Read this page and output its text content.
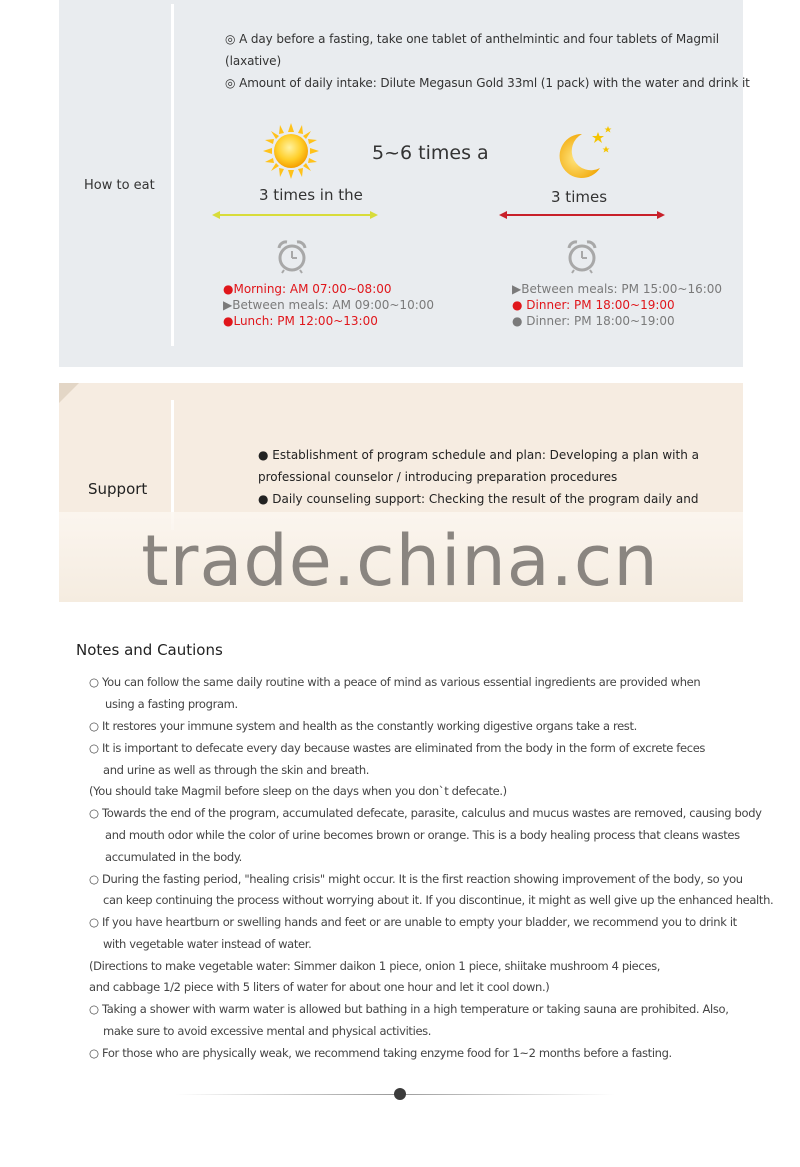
How to eat
◎ A day before a fasting, take one tablet of anthelmintic and four tablets of Magmil
(laxative)
◎ Amount of daily intake: Dilute Megasun Gold 33ml (1 pack) with the water and drink it
5~6 times a
3 times in the	3 times
●Morning: AM 07:00~08:00
▶Between meals: AM 09:00~10:00
●Lunch: PM 12:00~13:00
▶Between meals: PM 15:00~16:00
● Dinner: PM 18:00~19:00
● Dinner: PM 18:00~19:00
Support
● Establishment of program schedule and plan: Developing a plan with a
professional counselor / introducing preparation procedures
● Daily counseling support: Checking the result of the program daily and
trade.china.cn
Notes and Cautions
○ You can follow the same daily routine with a peace of mind as various essential ingredients are provided when
using a fasting program.
○ It restores your immune system and health as the constantly working digestive organs take a rest.
○ It is important to defecate every day because wastes are eliminated from the body in the form of excrete feces
and urine as well as through the skin and breath.
(You should take Magmil before sleep on the days when you don`t defecate.)
○ Towards the end of the program, accumulated defecate, parasite, calculus and mucus wastes are removed, causing body
and mouth odor while the color of urine becomes brown or orange. This is a body healing process that cleans wastes
accumulated in the body.
○ During the fasting period, "healing crisis" might occur. It is the first reaction showing improvement of the body, so you
can keep continuing the process without worrying about it. If you discontinue, it might as well give up the enhanced health.
○ If you have heartburn or swelling hands and feet or are unable to empty your bladder, we recommend you to drink it
with vegetable water instead of water.
(Directions to make vegetable water: Simmer daikon 1 piece, onion 1 piece, shiitake mushroom 4 pieces,
and cabbage 1/2 piece with 5 liters of water for about one hour and let it cool down.)
○ Taking a shower with warm water is allowed but bathing in a high temperature or taking sauna are prohibited. Also,
make sure to avoid excessive mental and physical activities.
○ For those who are physically weak, we recommend taking enzyme food for 1~2 months before a fasting.
